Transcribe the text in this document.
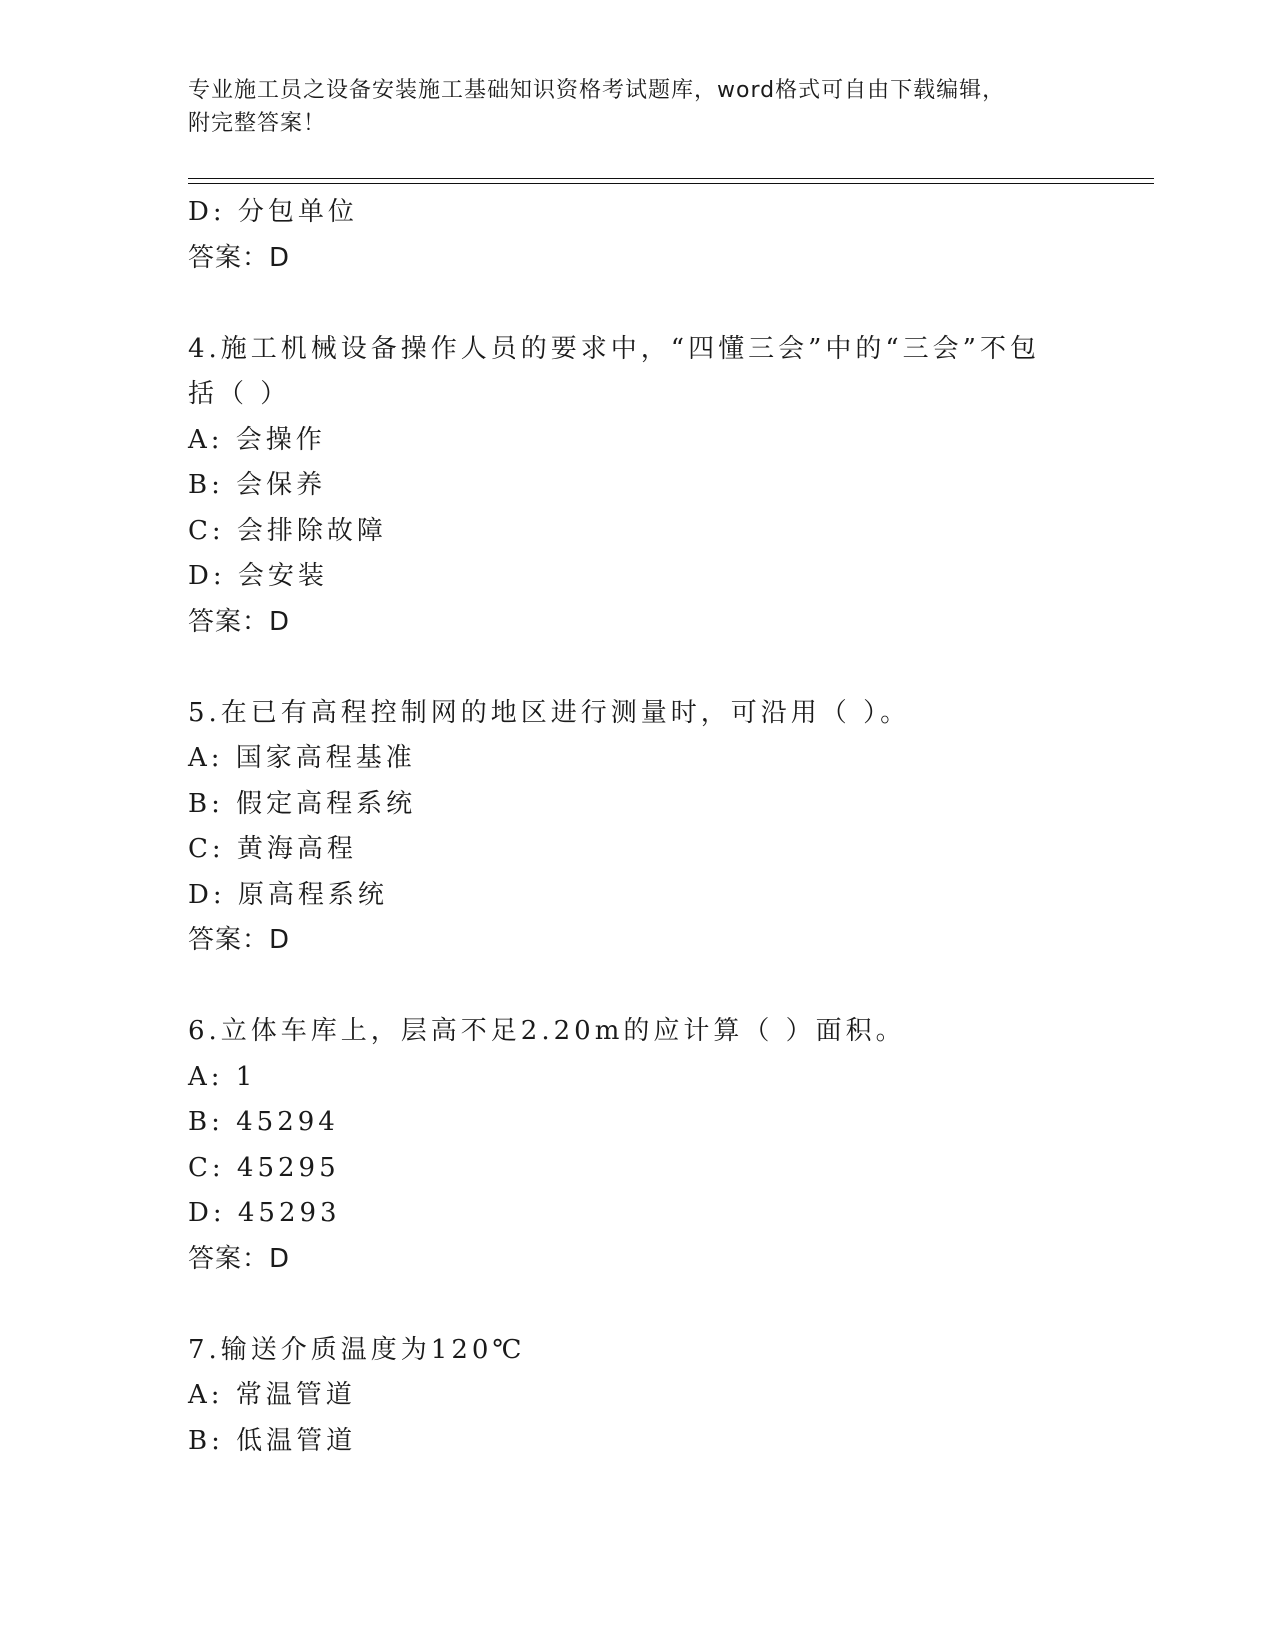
专业施工员之设备安装施工基础知识资格考试题库，word格式可自由下载编辑，
附完整答案！
D: 分包单位
答案：D
4.施工机械设备操作人员的要求中，“四懂三会”中的“三会”不包
括（ ）
A: 会操作
B: 会保养
C: 会排除故障
D: 会安装
答案：D
5.在已有高程控制网的地区进行测量时，可沿用（ ）。
A: 国家高程基准
B: 假定高程系统
C: 黄海高程
D: 原高程系统
答案：D
6.立体车库上，层高不足2.20m的应计算（ ）面积。
A: 1
B: 45294
C: 45295
D: 45293
答案：D
7.输送介质温度为120℃
A: 常温管道
B: 低温管道
